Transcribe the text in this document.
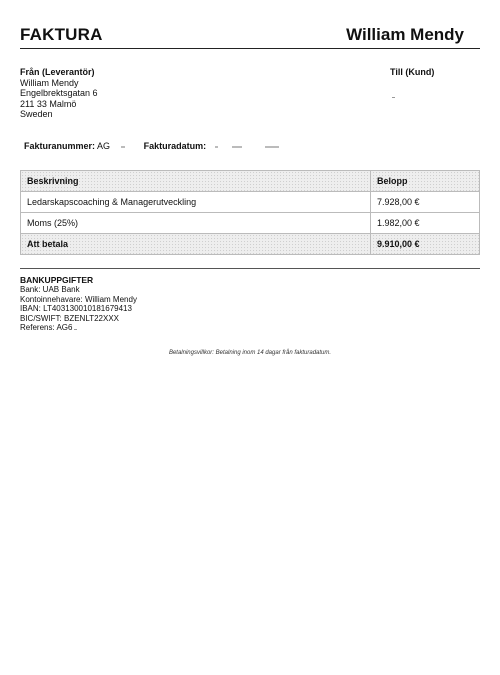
FAKTURA	William Mendy
Från (Leverantör)
William Mendy
Engelbrektsgatan 6
211 33 Malmö
Sweden
Till (Kund)
Fakturanummer: AG	Fakturadatum:
Beskrivning	Belopp
Ledarskapscoaching & Managerutveckling	7.928,00 €
Moms (25%)	1.982,00 €
Att betala	9.910,00 €
BANKUPPGIFTER
Bank: UAB Bank
Kontoinnehavare: William Mendy
IBAN: LT403130010181679413
BIC/SWIFT: BZENLT22XXX
Referens: AG6
Betalningsvillkor: Betalning inom 14 dagar från fakturadatum.
